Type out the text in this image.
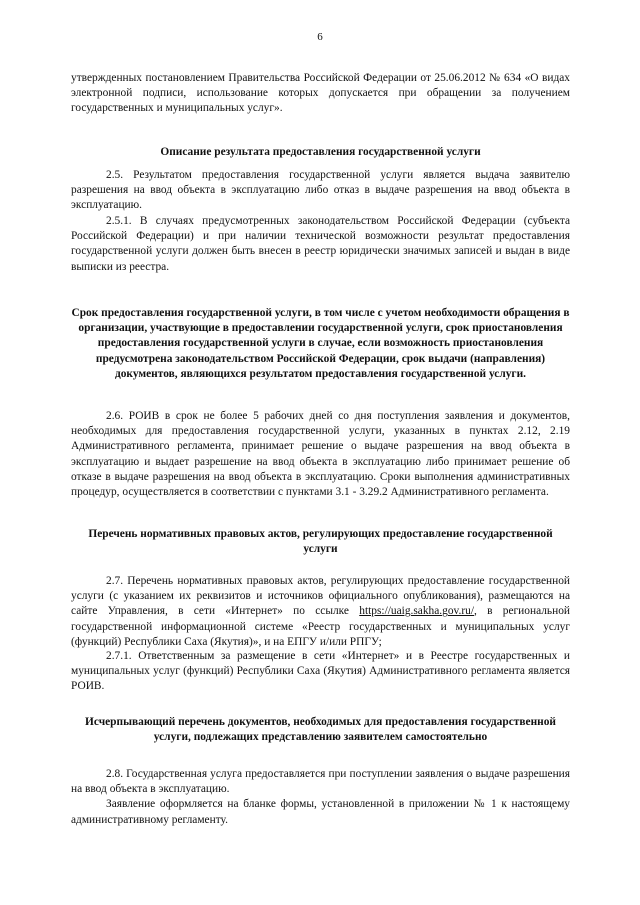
6

утвержденных постановлением Правительства Российской Федерации от 25.06.2012 № 634 «О видах электронной подписи, использование которых допускается при обращении за получением государственных и муниципальных услуг».

Описание результата предоставления государственной услуги

2.5. Результатом предоставления государственной услуги является выдача заявителю разрешения на ввод объекта в эксплуатацию либо отказ в выдаче разрешения на ввод объекта в эксплуатацию.

2.5.1. В случаях предусмотренных законодательством Российской Федерации (субъекта Российской Федерации) и при наличии технической возможности результат предоставления государственной услуги должен быть внесен в реестр юридически значимых записей и выдан в виде выписки из реестра.

Срок предоставления государственной услуги, в том числе с учетом необходимости обращения в организации, участвующие в предоставлении государственной услуги, срок приостановления предоставления государственной услуги в случае, если возможность приостановления предусмотрена законодательством Российской Федерации, срок выдачи (направления) документов, являющихся результатом предоставления государственной услуги.

2.6. РОИВ в срок не более 5 рабочих дней со дня поступления заявления и документов, необходимых для предоставления государственной услуги, указанных в пунктах 2.12, 2.19 Административного регламента, принимает решение о выдаче разрешения на ввод объекта в эксплуатацию и выдает разрешение на ввод объекта в эксплуатацию либо принимает решение об отказе в выдаче разрешения на ввод объекта в эксплуатацию. Сроки выполнения административных процедур, осуществляется в соответствии с пунктами 3.1 - 3.29.2 Административного регламента.

Перечень нормативных правовых актов, регулирующих предоставление государственной услуги

2.7. Перечень нормативных правовых актов, регулирующих предоставление государственной услуги (с указанием их реквизитов и источников официального опубликования), размещаются на сайте Управления, в сети «Интернет» по ссылке https://uaig.sakha.gov.ru/, в региональной государственной информационной системе «Реестр государственных и муниципальных услуг (функций) Республики Саха (Якутия)», и на ЕПГУ и/или РПГУ;

2.7.1. Ответственным за размещение в сети «Интернет» и в Реестре государственных и муниципальных услуг (функций) Республики Саха (Якутия) Административного регламента является РОИВ.

Исчерпывающий перечень документов, необходимых для предоставления государственной услуги, подлежащих представлению заявителем самостоятельно

2.8. Государственная услуга предоставляется при поступлении заявления о выдаче разрешения на ввод объекта в эксплуатацию.

Заявление оформляется на бланке формы, установленной в приложении № 1 к настоящему административному регламенту.
